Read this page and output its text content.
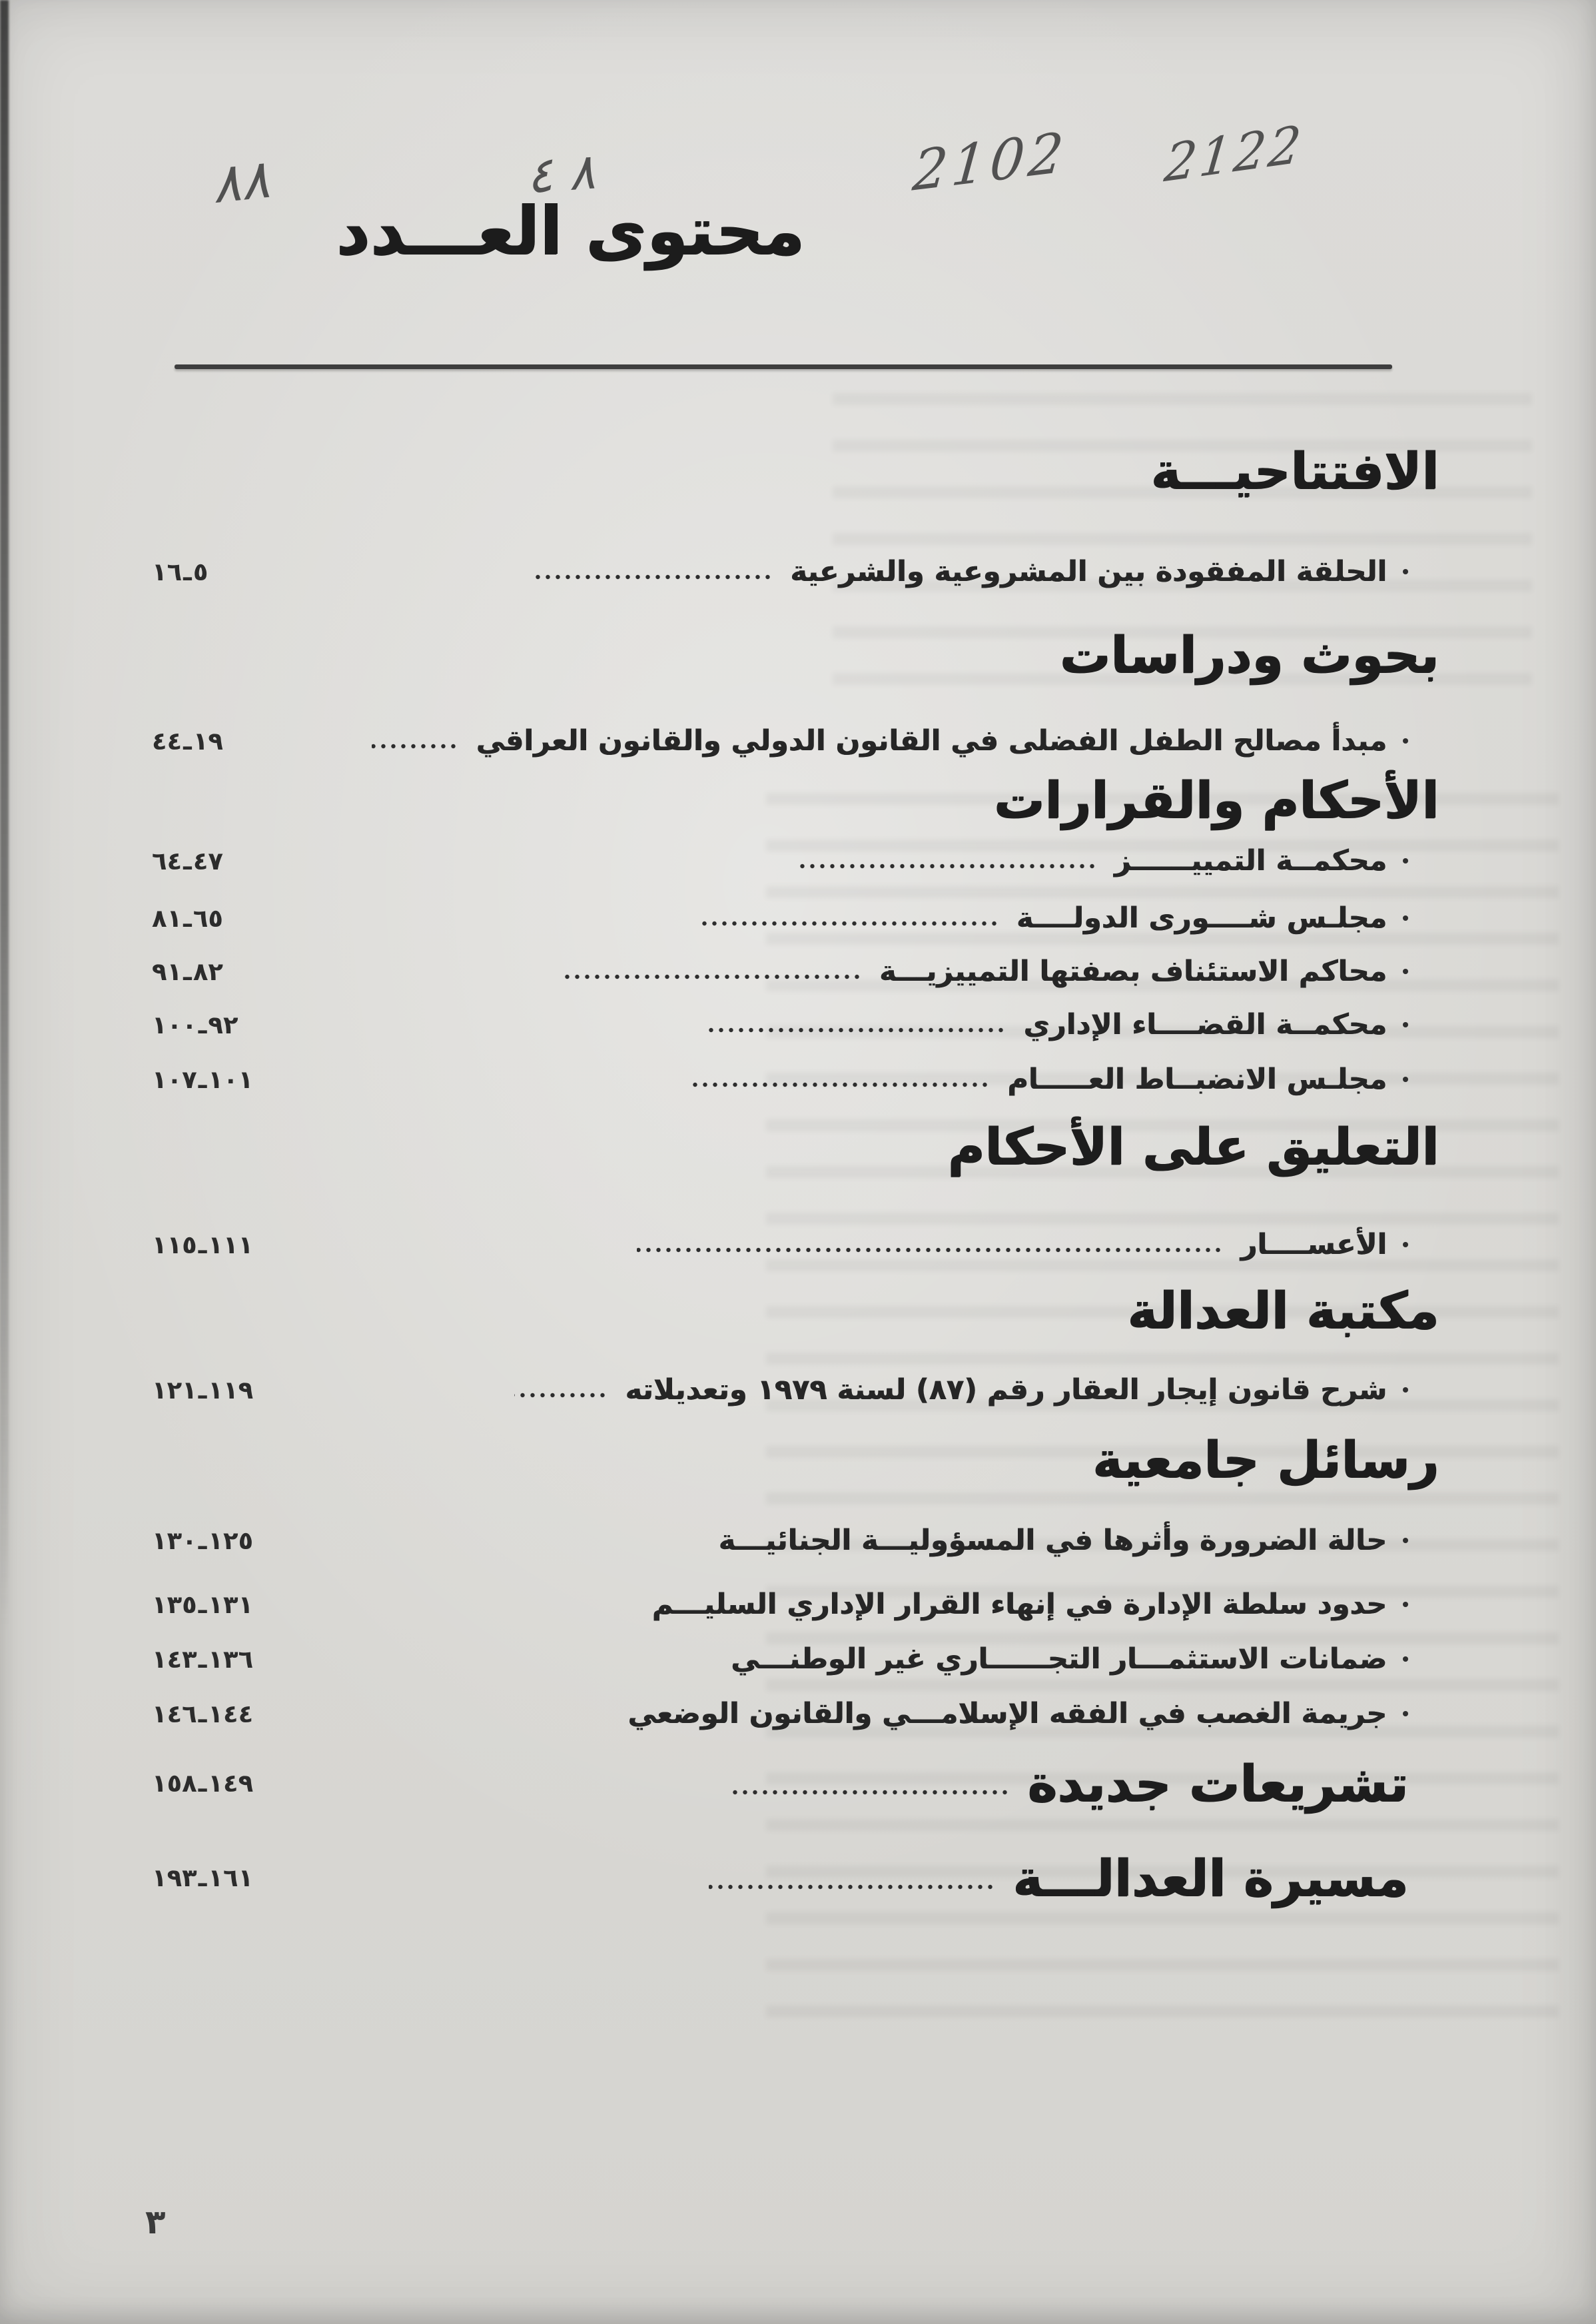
٨٨	٨ ٤	2102 2122
محتوى العـــدد
الافتتاحيـــة
الحلقة المفقودة بين المشروعية والشرعية
١٦ ـ ٥
بحوث ودراسات
مبدأ مصالح الطفل الفضلى في القانون الدولي والقانون العراقي
٤٤ ـ ١٩
الأحكام والقرارات
محكمــة التمييــــــز
٦٤ ـ ٤٧
مجلـس شــــورى الدولــــة
٨١ ـ ٦٥
محاكم الاستئناف بصفتها التمييزيـــة
٩١ ـ ٨٢
محكمــة القضــــاء الإداري
١٠٠ ـ ٩٢
مجلـس الانضبــاط العـــــام
١٠٧ ـ ١٠١
التعليق على الأحكام
الأعســــار
١١٥ ـ ١١١
مكتبة العدالة
شرح قانون إيجار العقار رقم (٨٧) لسنة ١٩٧٩ وتعديلاته
١٢١ ـ ١١٩
رسائل جامعية
حالة الضرورة وأثرها في المسؤوليـــة الجنائيـــة
١٣٠ ـ ١٢٥
حدود سلطة الإدارة في إنهاء القرار الإداري السليـــم
١٣٥ ـ ١٣١
ضمانات الاستثمـــار التجــــــاري غير الوطنـــي
١٤٣ ـ ١٣٦
جريمة الغصب في الفقه الإسلامـــي والقانون الوضعي
١٤٦ ـ ١٤٤
تشريعات جديدة
١٥٨ ـ ١٤٩
مسيرة العدالـــة
١٩٣ ـ ١٦١
٣
